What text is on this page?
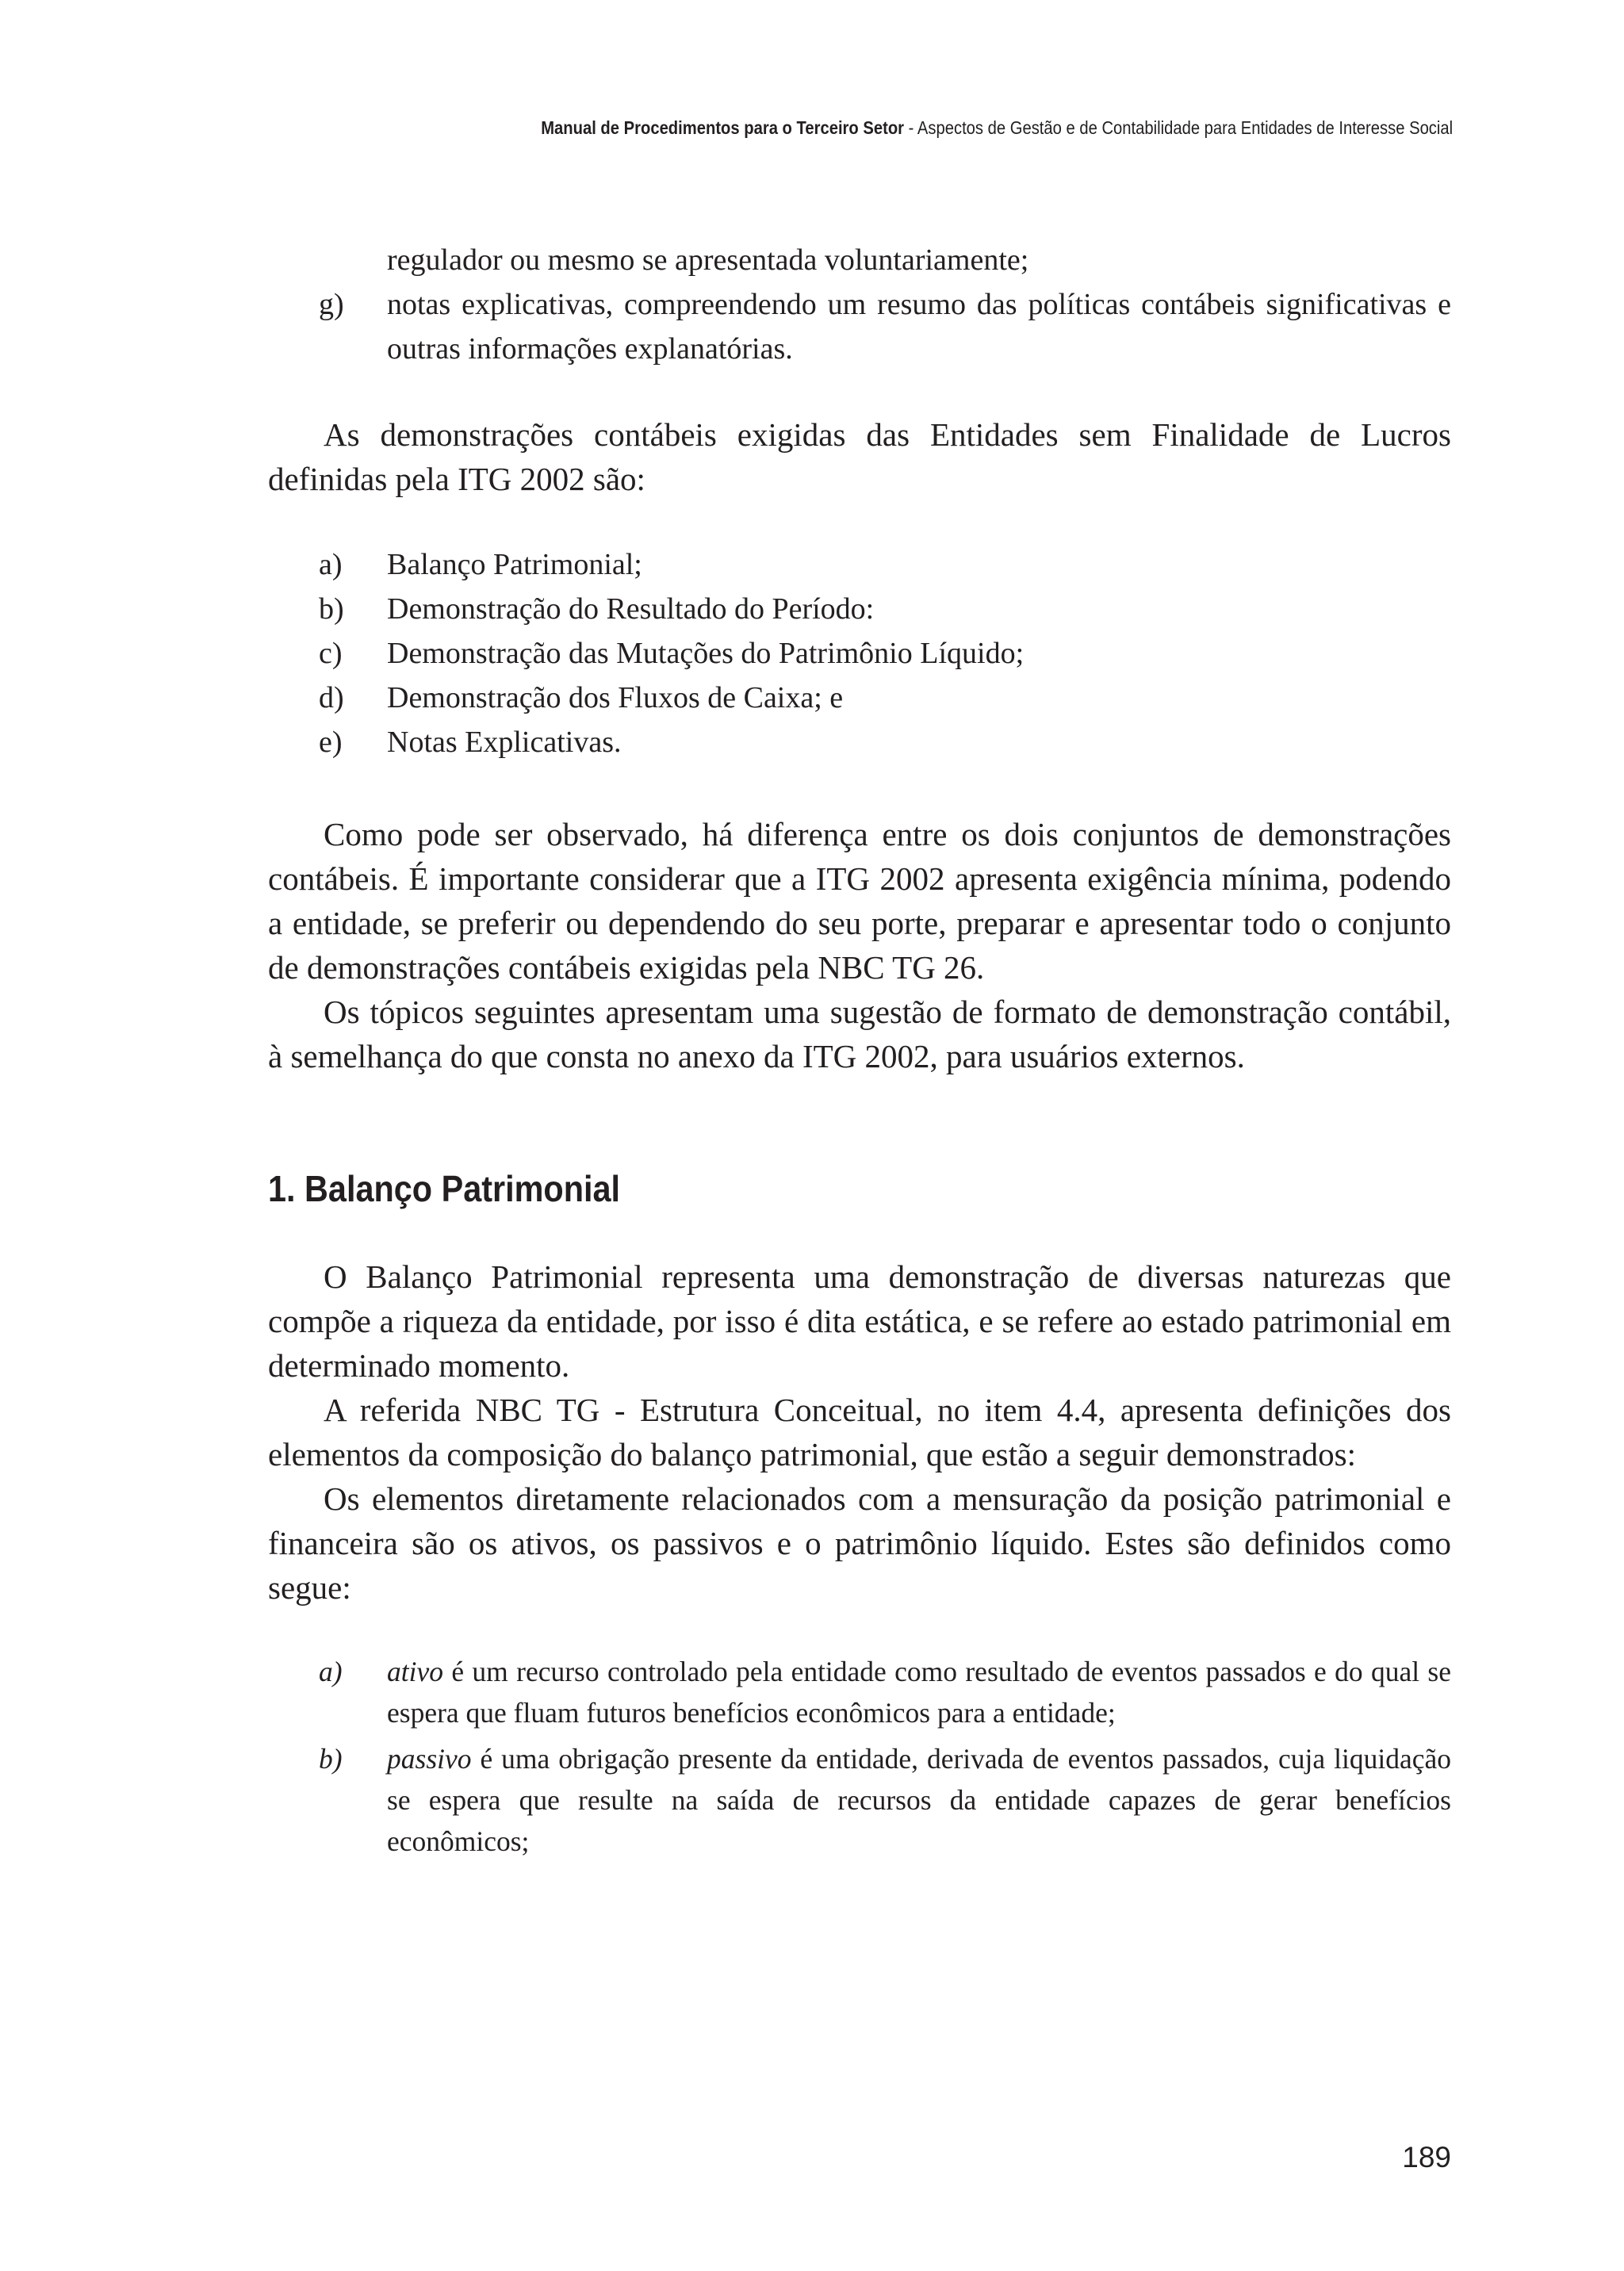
Manual de Procedimentos para o Terceiro Setor - Aspectos de Gestão e de Contabilidade para Entidades de Interesse Social
regulador ou mesmo se apresentada voluntariamente;
g)	notas explicativas, compreendendo um resumo das políticas contábeis significativas e outras informações explanatórias.

As demonstrações contábeis exigidas das Entidades sem Finalidade de Lucros definidas pela ITG 2002 são:

a)	Balanço Patrimonial;
b)	Demonstração do Resultado do Período:
c)	Demonstração das Mutações do Patrimônio Líquido;
d)	Demonstração dos Fluxos de Caixa; e
e)	Notas Explicativas.

Como pode ser observado, há diferença entre os dois conjuntos de demonstrações contábeis. É importante considerar que a ITG 2002 apresenta exigência mínima, podendo a entidade, se preferir ou dependendo do seu porte, preparar e apresentar todo o conjunto de demonstrações contábeis exigidas pela NBC TG 26.

Os tópicos seguintes apresentam uma sugestão de formato de demonstração contábil, à semelhança do que consta no anexo da ITG 2002, para usuários externos.

1. Balanço Patrimonial

O Balanço Patrimonial representa uma demonstração de diversas naturezas que compõe a riqueza da entidade, por isso é dita estática, e se refere ao estado patrimonial em determinado momento.

A referida NBC TG - Estrutura Conceitual, no item 4.4, apresenta definições dos elementos da composição do balanço patrimonial, que estão a seguir demonstrados:

Os elementos diretamente relacionados com a mensuração da posição patrimonial e financeira são os ativos, os passivos e o patrimônio líquido. Estes são definidos como segue:

a)	ativo é um recurso controlado pela entidade como resultado de eventos passados e do qual se espera que fluam futuros benefícios econômicos para a entidade;
b)	passivo é uma obrigação presente da entidade, derivada de eventos passados, cuja liquidação se espera que resulte na saída de recursos da entidade capazes de gerar benefícios econômicos;
189
